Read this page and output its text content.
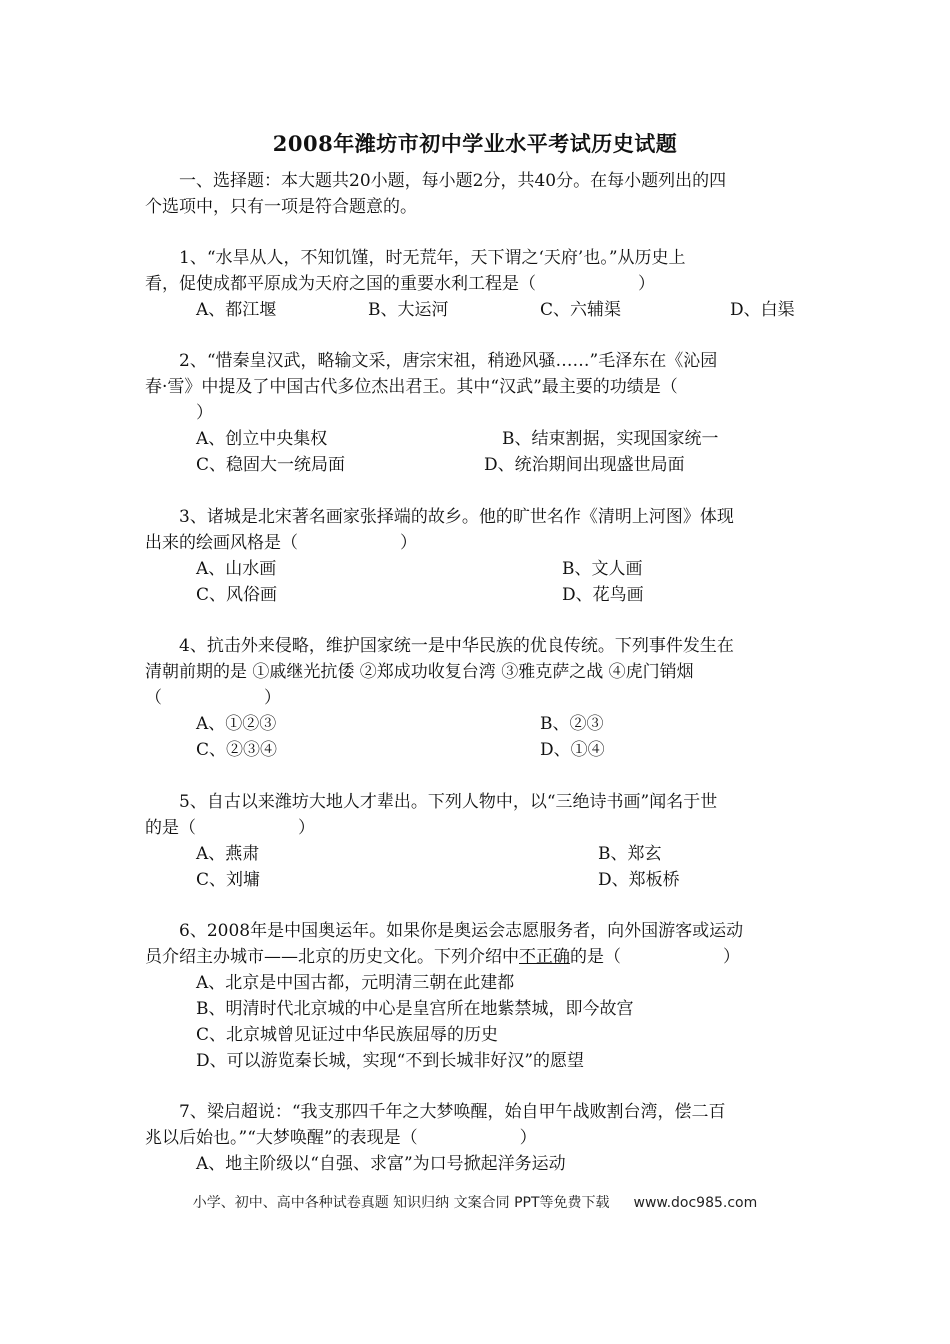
2008年潍坊市初中学业水平考试历史试题
一、选择题：本大题共20小题，每小题2分，共40分。在每小题列出的四
个选项中，只有一项是符合题意的。
1、“水旱从人，不知饥馑，时无荒年，天下谓之‘天府’也。”从历史上
看，促使成都平原成为天府之国的重要水利工程是（　　　　　　）
A、都江堰	B、大运河	C、六辅渠	D、白渠
2、“惜秦皇汉武，略输文采，唐宗宋祖，稍逊风骚……”毛泽东在《沁园
春·雪》中提及了中国古代多位杰出君王。其中“汉武”最主要的功绩是（
　）
A、创立中央集权	B、结束割据，实现国家统一
C、稳固大一统局面	D、统治期间出现盛世局面
3、诸城是北宋著名画家张择端的故乡。他的旷世名作《清明上河图》体现
出来的绘画风格是（　　　　　　）
A、山水画	B、文人画
C、风俗画	D、花鸟画
4、抗击外来侵略，维护国家统一是中华民族的优良传统。下列事件发生在
清朝前期的是 ①戚继光抗倭 ②郑成功收复台湾 ③雅克萨之战 ④虎门销烟
（　　　　　　）
A、①②③	B、②③
C、②③④	D、①④
5、自古以来潍坊大地人才辈出。下列人物中，以“三绝诗书画”闻名于世
的是（　　　　　　）
A、燕肃	B、郑玄
C、刘墉	D、郑板桥
6、2008年是中国奥运年。如果你是奥运会志愿服务者，向外国游客或运动
员介绍主办城市——北京的历史文化。下列介绍中不正确的是（　　　　　　）
A、北京是中国古都，元明清三朝在此建都
B、明清时代北京城的中心是皇宫所在地紫禁城，即今故宫
C、北京城曾见证过中华民族屈辱的历史
D、可以游览秦长城，实现“不到长城非好汉”的愿望
7、梁启超说：“我支那四千年之大梦唤醒，始自甲午战败割台湾，偿二百
兆以后始也。”“大梦唤醒”的表现是（　　　　　　）
A、地主阶级以“自强、求富”为口号掀起洋务运动
小学、初中、高中各种试卷真题 知识归纳 文案合同 PPT等免费下载 www.doc985.com
